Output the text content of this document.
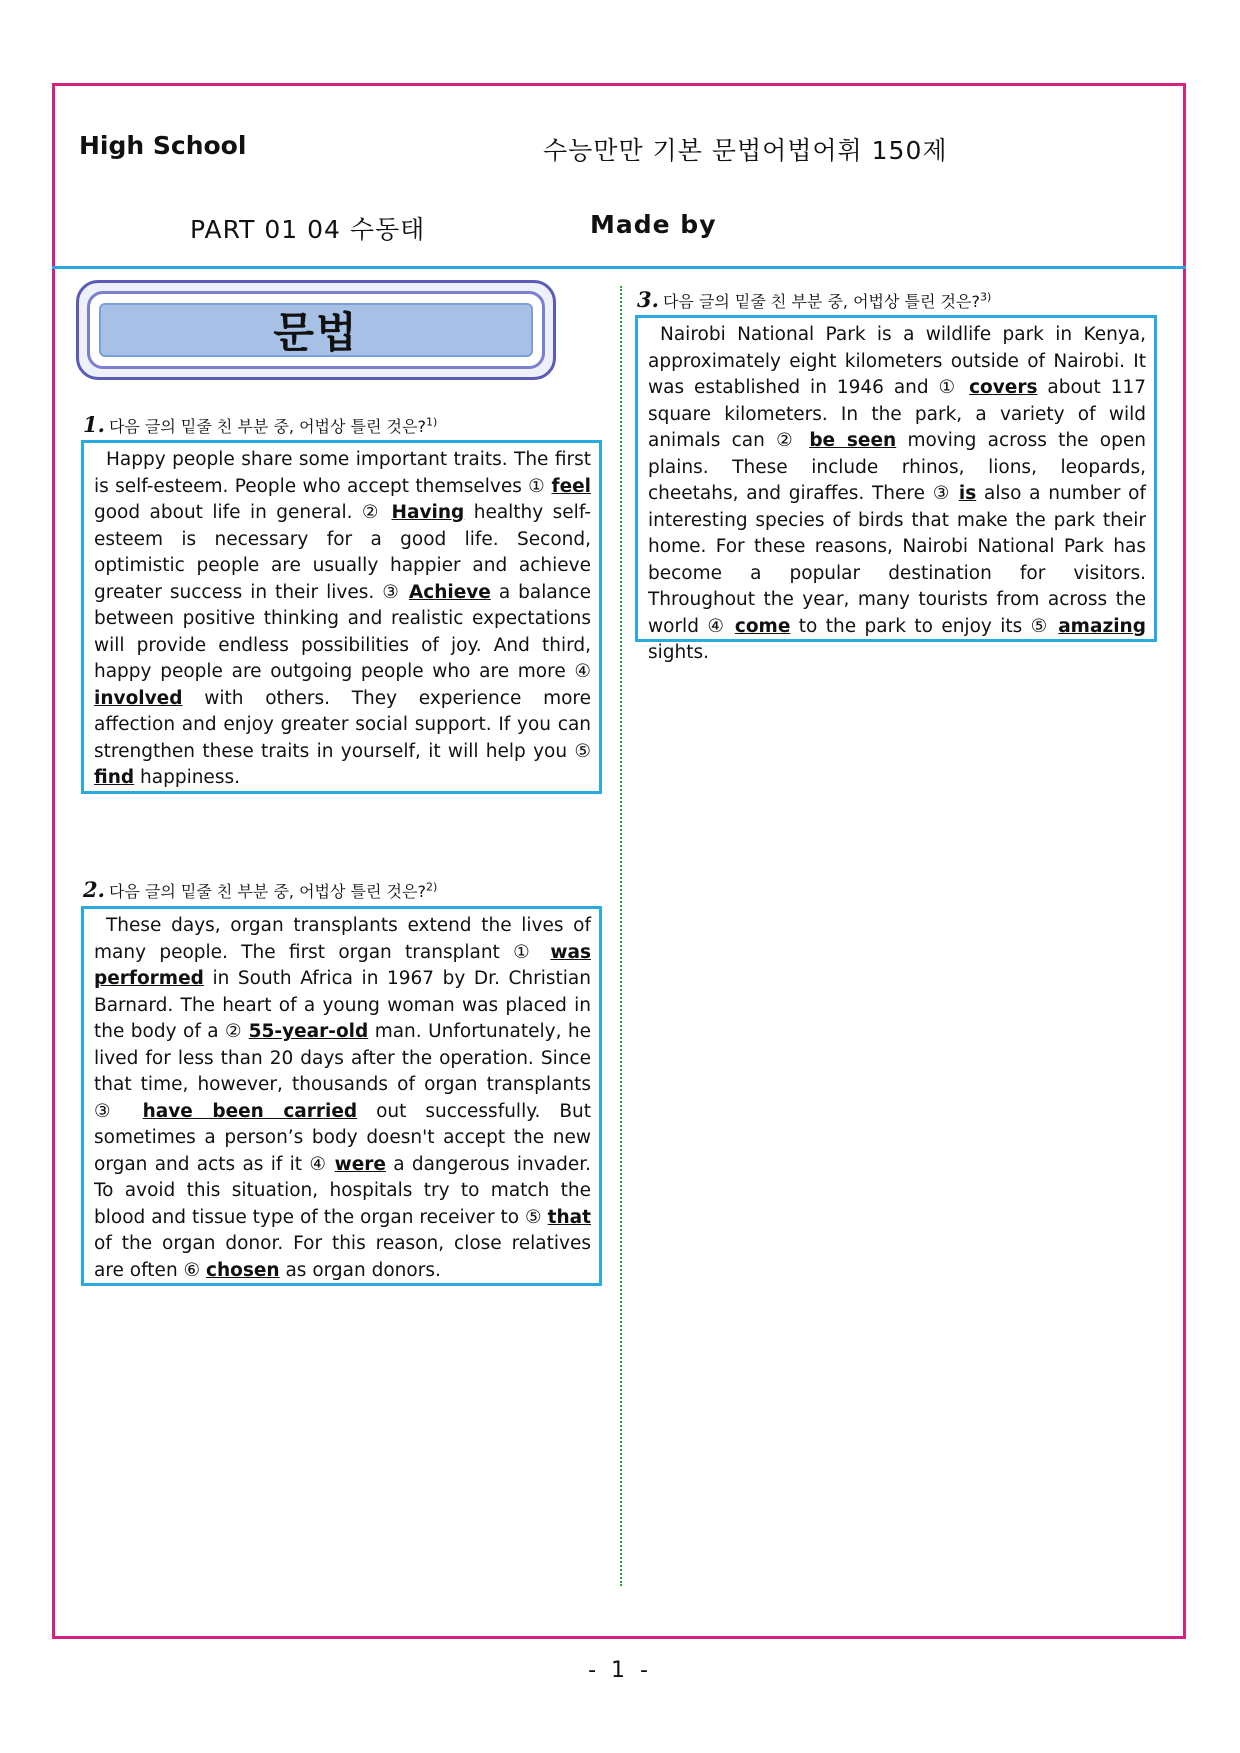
High School	수능만만 기본 문법어법어휘 150제
PART 01 04 수동태	Made by
문법
1. 다음 글의 밑줄 친 부분 중, 어법상 틀린 것은?$^{1)}$

Happy people share some important traits. The first is self-esteem. People who accept themselves ① feel good about life in general. ② Having healthy self-esteem is necessary for a good life. Second, optimistic people are usually happier and achieve greater success in their lives. ③ Achieve a balance between positive thinking and realistic expectations will provide endless possibilities of joy. And third, happy people are outgoing people who are more ④ involved with others. They experience more affection and enjoy greater social support. If you can strengthen these traits in yourself, it will help you ⑤ find happiness.

2. 다음 글의 밑줄 친 부분 중, 어법상 틀린 것은?$^{2)}$

These days, organ transplants extend the lives of many people. The first organ transplant ① was performed in South Africa in 1967 by Dr. Christian Barnard. The heart of a young woman was placed in the body of a ② 55-year-old man. Unfortunately, he lived for less than 20 days after the operation. Since that time, however, thousands of organ transplants ③ have been carried out successfully. But sometimes a person’s body doesn't accept the new organ and acts as if it ④ were a dangerous invader. To avoid this situation, hospitals try to match the blood and tissue type of the organ receiver to ⑤ that of the organ donor. For this reason, close relatives are often ⑥ chosen as organ donors.

3. 다음 글의 밑줄 친 부분 중, 어법상 틀린 것은?$^{3)}$

Nairobi National Park is a wildlife park in Kenya, approximately eight kilometers outside of Nairobi. It was established in 1946 and ① covers about 117 square kilometers. In the park, a variety of wild animals can ② be seen moving across the open plains. These include rhinos, lions, leopards, cheetahs, and giraffes. There ③ is also a number of interesting species of birds that make the park their home. For these reasons, Nairobi National Park has become a popular destination for visitors. Throughout the year, many tourists from across the world ④ come to the park to enjoy its ⑤ amazing sights.

- 1 -
